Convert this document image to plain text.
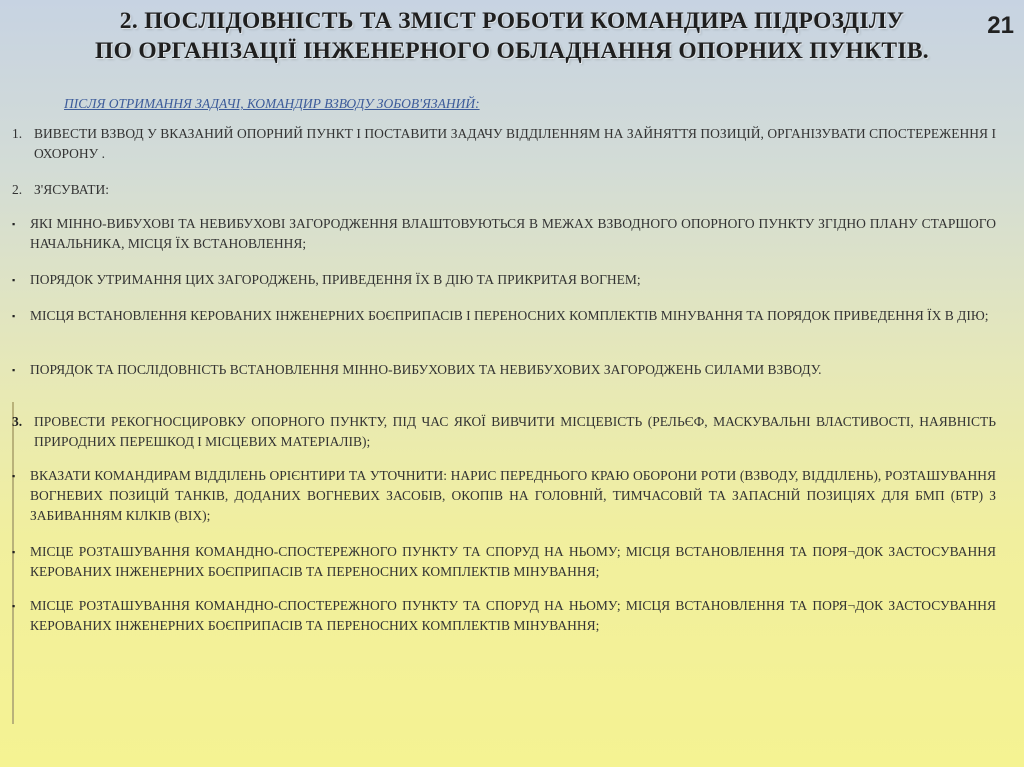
2. ПОСЛІДОВНІСТЬ ТА ЗМІСТ РОБОТИ КОМАНДИРА ПІДРОЗДІЛУ
ПО ОРГАНІЗАЦІЇ ІНЖЕНЕРНОГО ОБЛАДНАННЯ ОПОРНИХ ПУНКТІВ.
21
ПІСЛЯ ОТРИМАННЯ ЗАДАЧІ, КОМАНДИР ВЗВОДУ ЗОБОВ'ЯЗАНИЙ:
1. ВИВЕСТИ ВЗВОД У ВКАЗАНИЙ ОПОРНИЙ ПУНКТ І ПОСТАВИТИ ЗАДАЧУ ВІДДІЛЕННЯМ НА ЗАЙНЯТТЯ ПОЗИЦІЙ, ОРГАНІЗУВАТИ СПОСТЕРЕЖЕННЯ І ОХОРОНУ .
2. З'ЯСУВАТИ:
▪	ЯКІ МІННО-ВИБУХОВІ ТА НЕВИБУХОВІ ЗАГОРОДЖЕННЯ ВЛАШТОВУЮТЬСЯ В МЕЖАХ ВЗВОДНОГО ОПОРНОГО ПУНКТУ ЗГІДНО ПЛАНУ СТАРШОГО НАЧАЛЬНИКА, МІСЦЯ ЇХ ВСТАНОВЛЕННЯ;
▪	ПОРЯДОК УТРИМАННЯ ЦИХ ЗАГОРОДЖЕНЬ, ПРИВЕДЕННЯ ЇХ В ДІЮ ТА ПРИКРИТАЯ ВОГНЕМ;
▪	МІСЦЯ ВСТАНОВЛЕННЯ КЕРОВАНИХ ІНЖЕНЕРНИХ БОЄПРИПАСІВ І ПЕРЕНОСНИХ КОМПЛЕКТІВ МІНУВАННЯ ТА ПОРЯДОК ПРИВЕДЕННЯ ЇХ В ДІЮ;
▪	ПОРЯДОК ТА ПОСЛІДОВНІСТЬ ВСТАНОВЛЕННЯ МІННО-ВИБУХОВИХ ТА НЕВИБУХОВИХ ЗАГОРОДЖЕНЬ СИЛАМИ ВЗВОДУ.
3. ПРОВЕСТИ РЕКОГНОСЦИРОВКУ ОПОРНОГО ПУНКТУ, ПІД ЧАС ЯКОЇ ВИВЧИТИ МІСЦЕВІСТЬ (РЕЛЬЄФ, МАСКУВАЛЬНІ ВЛАСТИВОСТІ, НАЯВНІСТЬ ПРИРОДНИХ ПЕРЕШКОД І МІСЦЕВИХ МАТЕРІАЛІВ);
▪	ВКАЗАТИ КОМАНДИРАМ ВІДДІЛЕНЬ ОРІЄНТИРИ ТА УТОЧНИТИ: НАРИС ПЕРЕДНЬОГО КРАЮ ОБОРОНИ РОТИ (ВЗВОДУ, ВІДДІЛЕНЬ), РОЗТАШУВАННЯ ВОГНЕВИХ ПОЗИЦІЙ ТАНКІВ, ДОДАНИХ ВОГНЕВИХ ЗАСОБІВ, ОКОПІВ НА ГОЛОВНІЙ, ТИМЧАСОВІЙ ТА ЗАПАСНІЙ ПОЗИЦІЯХ ДЛЯ БМП (БТР) З ЗАБИВАННЯМ КІЛКІВ (ВІХ);
▪	МІСЦЕ РОЗТАШУВАННЯ КОМАНДНО-СПОСТЕРЕЖНОГО ПУНКТУ ТА СПОРУД НА НЬОМУ; МІСЦЯ ВСТАНОВЛЕННЯ ТА ПОРЯ¬ДОК ЗАСТОСУВАННЯ КЕРОВАНИХ ІНЖЕНЕРНИХ БОЄПРИПАСІВ ТА ПЕРЕНОСНИХ КОМПЛЕКТІВ МІНУВАННЯ;
▪	МІСЦЕ РОЗТАШУВАННЯ КОМАНДНО-СПОСТЕРЕЖНОГО ПУНКТУ ТА СПОРУД НА НЬОМУ; МІСЦЯ ВСТАНОВЛЕННЯ ТА ПОРЯ¬ДОК ЗАСТОСУВАННЯ КЕРОВАНИХ ІНЖЕНЕРНИХ БОЄПРИПАСІВ ТА ПЕРЕНОСНИХ КОМПЛЕКТІВ МІНУВАННЯ;
